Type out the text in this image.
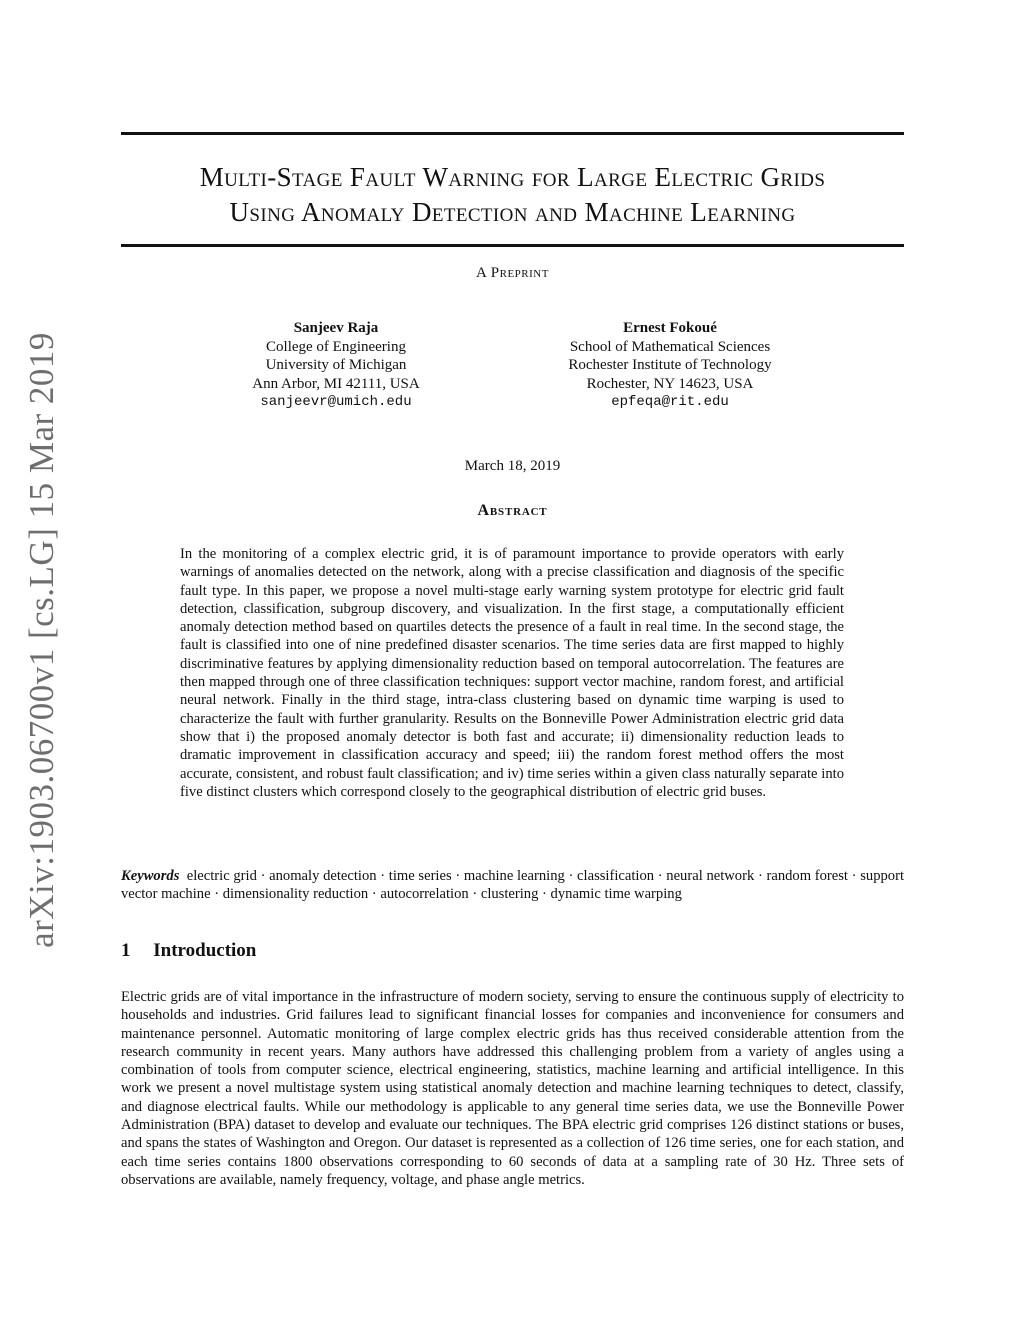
arXiv:1903.06700v1 [cs.LG] 15 Mar 2019
Multi-Stage Fault Warning for Large Electric Grids
Using Anomaly Detection and Machine Learning
A Preprint
Sanjeev Raja
College of Engineering
University of Michigan
Ann Arbor, MI 42111, USA
sanjeevr@umich.edu
Ernest Fokoué
School of Mathematical Sciences
Rochester Institute of Technology
Rochester, NY 14623, USA
epfeqa@rit.edu
March 18, 2019
Abstract
In the monitoring of a complex electric grid, it is of paramount importance to provide operators with early warnings of anomalies detected on the network, along with a precise classification and diagnosis of the specific fault type. In this paper, we propose a novel multi-stage early warning system prototype for electric grid fault detection, classification, subgroup discovery, and visualization. In the first stage, a computationally efficient anomaly detection method based on quartiles detects the presence of a fault in real time. In the second stage, the fault is classified into one of nine predefined disaster scenarios. The time series data are first mapped to highly discriminative features by applying dimensionality reduction based on temporal autocorrelation. The features are then mapped through one of three classification techniques: support vector machine, random forest, and artificial neural network. Finally in the third stage, intra-class clustering based on dynamic time warping is used to characterize the fault with further granularity. Results on the Bonneville Power Administration electric grid data show that i) the proposed anomaly detector is both fast and accurate; ii) dimensionality reduction leads to dramatic improvement in classification accuracy and speed; iii) the random forest method offers the most accurate, consistent, and robust fault classification; and iv) time series within a given class naturally separate into five distinct clusters which correspond closely to the geographical distribution of electric grid buses.
Keywords electric grid · anomaly detection · time series · machine learning · classification · neural network · random forest · support vector machine · dimensionality reduction · autocorrelation · clustering · dynamic time warping
1 Introduction
Electric grids are of vital importance in the infrastructure of modern society, serving to ensure the continuous supply of electricity to households and industries. Grid failures lead to significant financial losses for companies and inconvenience for consumers and maintenance personnel. Automatic monitoring of large complex electric grids has thus received considerable attention from the research community in recent years. Many authors have addressed this challenging problem from a variety of angles using a combination of tools from computer science, electrical engineering, statistics, machine learning and artificial intelligence. In this work we present a novel multistage system using statistical anomaly detection and machine learning techniques to detect, classify, and diagnose electrical faults. While our methodology is applicable to any general time series data, we use the Bonneville Power Administration (BPA) dataset to develop and evaluate our techniques. The BPA electric grid comprises 126 distinct stations or buses, and spans the states of Washington and Oregon. Our dataset is represented as a collection of 126 time series, one for each station, and each time series contains 1800 observations corresponding to 60 seconds of data at a sampling rate of 30 Hz. Three sets of observations are available, namely frequency, voltage, and phase angle metrics.
